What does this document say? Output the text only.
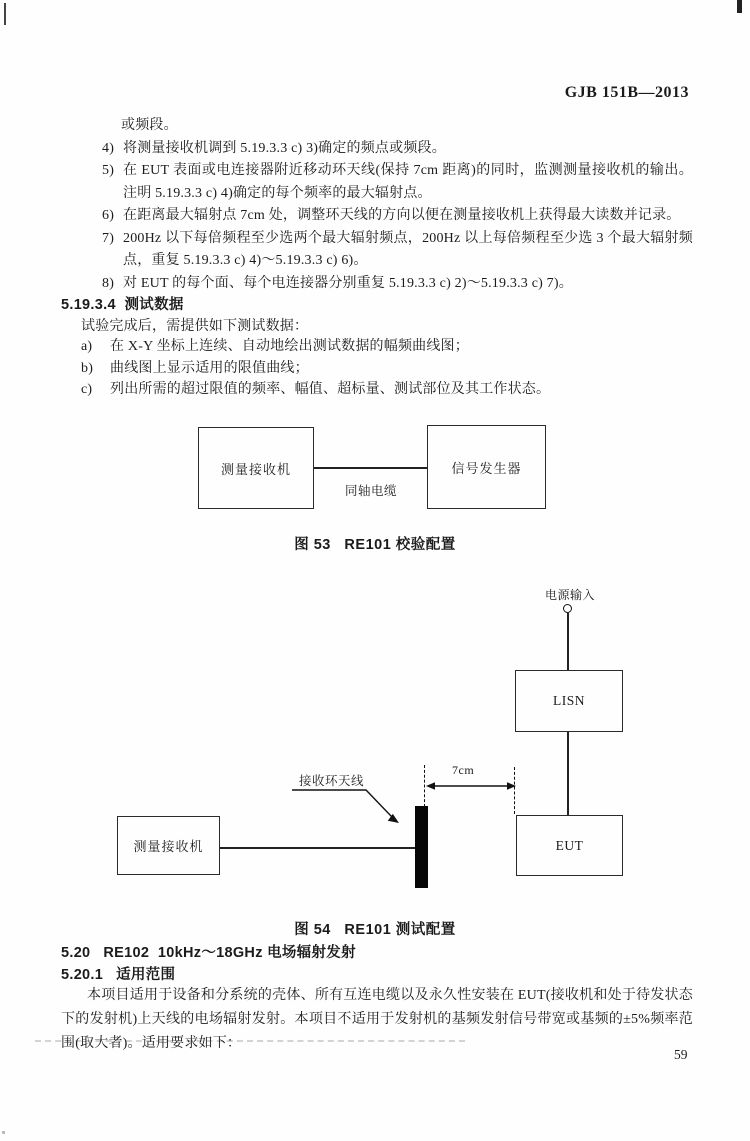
GJB 151B—2013
或频段。
4) 将测量接收机调到 5.19.3.3 c) 3)确定的频点或频段。
5) 在 EUT 表面或电连接器附近移动环天线(保持 7cm 距离)的同时，监测测量接收机的输出。注明 5.19.3.3 c) 4)确定的每个频率的最大辐射点。
6) 在距离最大辐射点 7cm 处，调整环天线的方向以便在测量接收机上获得最大读数并记录。
7) 200Hz 以下每倍频程至少选两个最大辐射频点，200Hz 以上每倍频程至少选 3 个最大辐射频点，重复 5.19.3.3 c) 4)～5.19.3.3 c) 6)。
8) 对 EUT 的每个面、每个电连接器分别重复 5.19.3.3 c) 2)～5.19.3.3 c) 7)。
5.19.3.4  测试数据
试验完成后，需提供如下测试数据：
a)	在 X-Y 坐标上连续、自动地绘出测试数据的幅频曲线图；
b)	曲线图上显示适用的限值曲线；
c)	列出所需的超过限值的频率、幅值、超标量、测试部位及其工作状态。
测量接收机	信号发生器
同轴电缆
图 53   RE101 校验配置
电源输入
LISN
EUT
测量接收机
7cm
接收环天线
图 54   RE101 测试配置
5.20   RE102  10kHz～18GHz 电场辐射发射
5.20.1   适用范围
本项目适用于设备和分系统的壳体、所有互连电缆以及永久性安装在 EUT(接收机和处于待发状态下的发射机)上天线的电场辐射发射。本项目不适用于发射机的基频发射信号带宽或基频的±5%频率范围(取大者)。适用要求如下：
59
